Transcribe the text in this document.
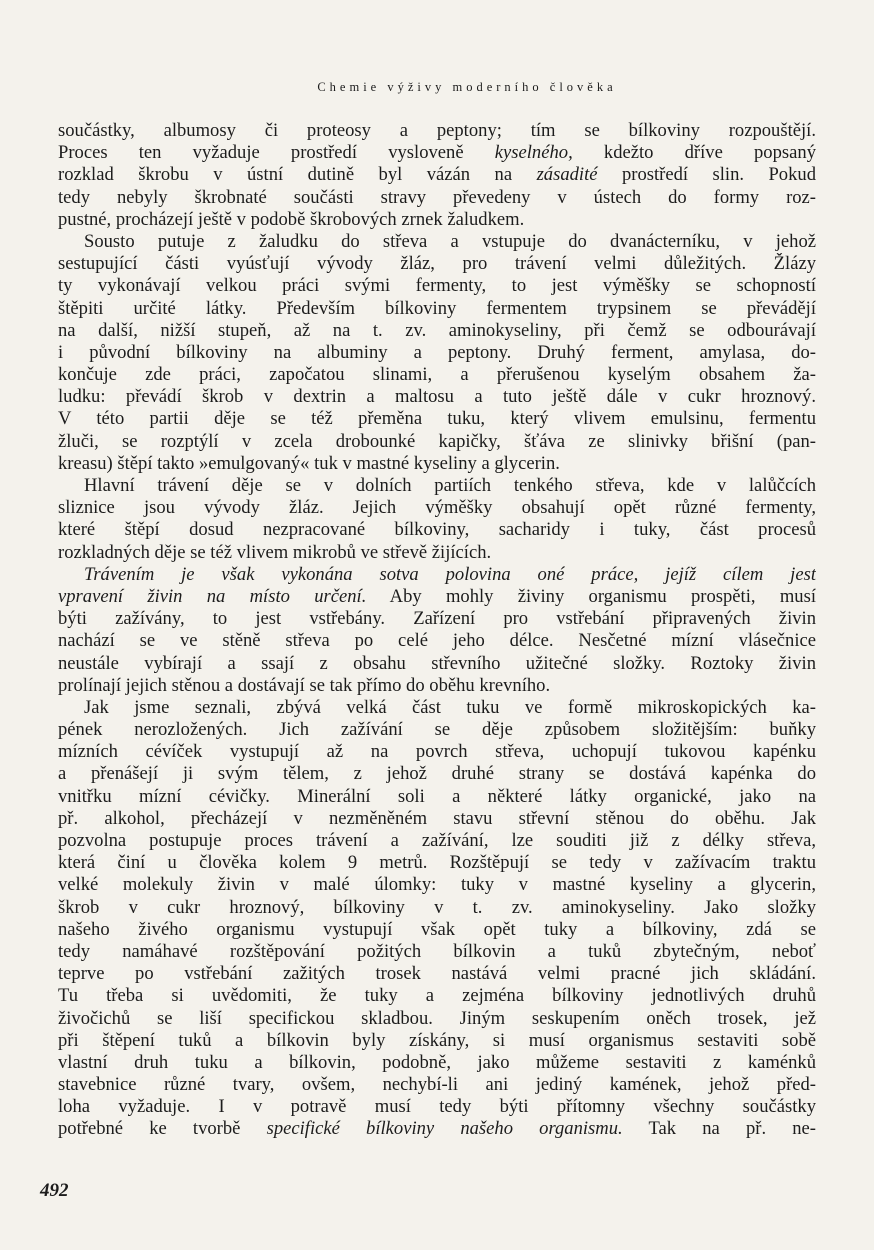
Chemie výživy moderního člověka
součástky, albumosy či proteosy a peptony; tím se bílkoviny rozpouštějí.
Proces ten vyžaduje prostředí vysloveně kyselného, kdežto dříve popsaný
rozklad škrobu v ústní dutině byl vázán na zásadité prostředí slin. Pokud
tedy nebyly škrobnaté součásti stravy převedeny v ústech do formy roz-
pustné, procházejí ještě v podobě škrobových zrnek žaludkem.
Sousto putuje z žaludku do střeva a vstupuje do dvanácterníku, v jehož
sestupující části vyúsťují vývody žláz, pro trávení velmi důležitých. Žlázy
ty vykonávají velkou práci svými fermenty, to jest výměšky se schopností
štěpiti určité látky. Především bílkoviny fermentem trypsinem se převádějí
na další, nižší stupeň, až na t. zv. aminokyseliny, při čemž se odbourávají
i původní bílkoviny na albuminy a peptony. Druhý ferment, amylasa, do-
končuje zde práci, započatou slinami, a přerušenou kyselým obsahem ža-
ludku: převádí škrob v dextrin a maltosu a tuto ještě dále v cukr hroznový.
V této partii děje se též přeměna tuku, který vlivem emulsinu, fermentu
žluči, se rozptýlí v zcela drobounké kapičky, šťáva ze slinivky břišní (pan-
kreasu) štěpí takto »emulgovaný« tuk v mastné kyseliny a glycerin.
Hlavní trávení děje se v dolních partiích tenkého střeva, kde v lalůčcích
sliznice jsou vývody žláz. Jejich výměšky obsahují opět různé fermenty,
které štěpí dosud nezpracované bílkoviny, sacharidy i tuky, část procesů
rozkladných děje se též vlivem mikrobů ve střevě žijících.
Trávením je však vykonána sotva polovina oné práce, jejíž cílem jest
vpravení živin na místo určení. Aby mohly živiny organismu prospěti, musí
býti zažívány, to jest vstřebány. Zařízení pro vstřebání připravených živin
nachází se ve stěně střeva po celé jeho délce. Nesčetné mízní vlásečnice
neustále vybírají a ssají z obsahu střevního užitečné složky. Roztoky živin
prolínají jejich stěnou a dostávají se tak přímo do oběhu krevního.
Jak jsme seznali, zbývá velká část tuku ve formě mikroskopických ka-
pének nerozložených. Jich zažívání se děje způsobem složitějším: buňky
mízních cévíček vystupují až na povrch střeva, uchopují tukovou kapénku
a přenášejí ji svým tělem, z jehož druhé strany se dostává kapénka do
vnitřku mízní cévičky. Minerální soli a některé látky organické, jako na
př. alkohol, přecházejí v nezměněném stavu střevní stěnou do oběhu. Jak
pozvolna postupuje proces trávení a zažívání, lze souditi již z délky střeva,
která činí u člověka kolem 9 metrů. Rozštěpují se tedy v zažívacím traktu
velké molekuly živin v malé úlomky: tuky v mastné kyseliny a glycerin,
škrob v cukr hroznový, bílkoviny v t. zv. aminokyseliny. Jako složky
našeho živého organismu vystupují však opět tuky a bílkoviny, zdá se
tedy namáhavé rozštěpování požitých bílkovin a tuků zbytečným, neboť
teprve po vstřebání zažitých trosek nastává velmi pracné jich skládání.
Tu třeba si uvědomiti, že tuky a zejména bílkoviny jednotlivých druhů
živočichů se liší specifickou skladbou. Jiným seskupením oněch trosek, jež
při štěpení tuků a bílkovin byly získány, si musí organismus sestaviti sobě
vlastní druh tuku a bílkovin, podobně, jako můžeme sestaviti z kaménků
stavebnice různé tvary, ovšem, nechybí-li ani jediný kamének, jehož před-
loha vyžaduje. I v potravě musí tedy býti přítomny všechny součástky
potřebné ke tvorbě specifické bílkoviny našeho organismu. Tak na př. ne-
492
